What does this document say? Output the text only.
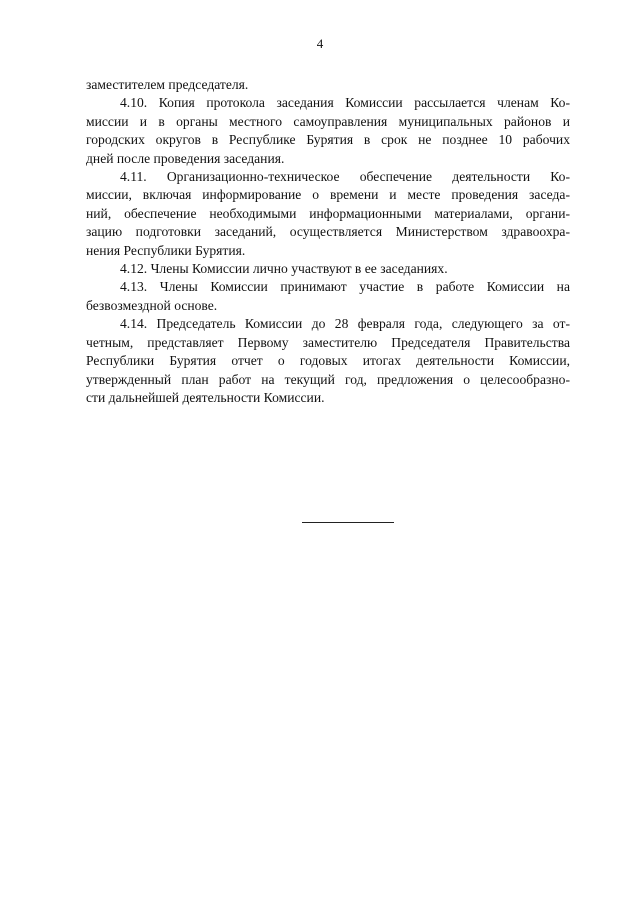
4

заместителем председателя.

4.10. Копия протокола заседания Комиссии рассылается членам Ко-
миссии и в органы местного самоуправления муниципальных районов и
городских округов в Республике Бурятия в срок не позднее 10 рабочих
дней после проведения заседания.

4.11. Организационно-техническое обеспечение деятельности Ко-
миссии, включая информирование о времени и месте проведения заседа-
ний, обеспечение необходимыми информационными материалами, органи-
зацию подготовки заседаний, осуществляется Министерством здравоохра-
нения Республики Бурятия.

4.12. Члены Комиссии лично участвуют в ее заседаниях.

4.13. Члены Комиссии принимают участие в работе Комиссии на
безвозмездной основе.

4.14. Председатель Комиссии до 28 февраля года, следующего за от-
четным, представляет Первому заместителю Председателя Правительства
Республики Бурятия отчет о годовых итогах деятельности Комиссии,
утвержденный план работ на текущий год, предложения о целесообразно-
сти дальнейшей деятельности Комиссии.
